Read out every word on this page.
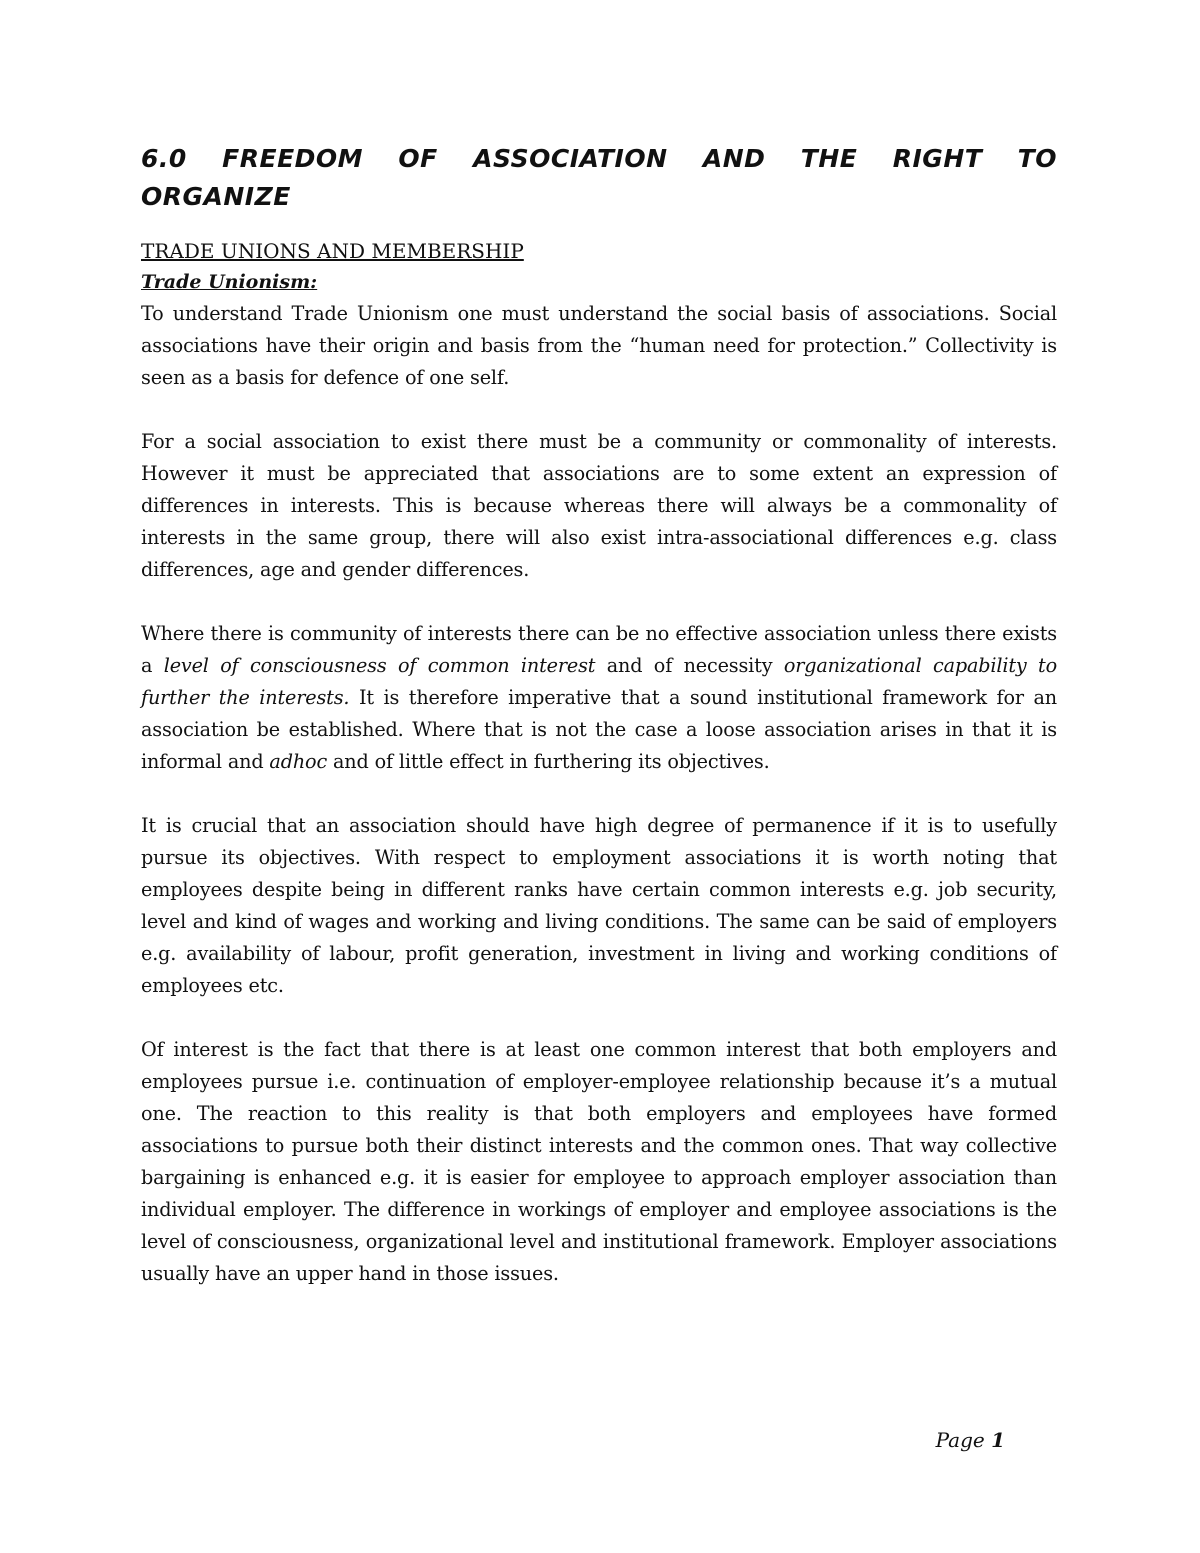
6.0 FREEDOM OF ASSOCIATION AND THE RIGHT TO
ORGANIZE
TRADE UNIONS AND MEMBERSHIP
Trade Unionism:

To understand Trade Unionism one must understand the social basis of associations. Social associations have their origin and basis from the “human need for protection.” Collectivity is seen as a basis for defence of one self.

For a social association to exist there must be a community or commonality of interests. However it must be appreciated that associations are to some extent an expression of differences in interests. This is because whereas there will always be a commonality of interests in the same group, there will also exist intra-associational differences e.g. class differences, age and gender differences.

Where there is community of interests there can be no effective association unless there exists a level of consciousness of common interest and of necessity organizational capability to further the interests. It is therefore imperative that a sound institutional framework for an association be established. Where that is not the case a loose association arises in that it is informal and adhoc and of little effect in furthering its objectives.

It is crucial that an association should have high degree of permanence if it is to usefully pursue its objectives. With respect to employment associations it is worth noting that employees despite being in different ranks have certain common interests e.g. job security, level and kind of wages and working and living conditions. The same can be said of employers e.g. availability of labour, profit generation, investment in living and working conditions of employees etc.

Of interest is the fact that there is at least one common interest that both employers and employees pursue i.e. continuation of employer-employee relationship because it’s a mutual one. The reaction to this reality is that both employers and employees have formed associations to pursue both their distinct interests and the common ones. That way collective bargaining is enhanced e.g. it is easier for employee to approach employer association than individual employer. The difference in workings of employer and employee associations is the level of consciousness, organizational level and institutional framework. Employer associations usually have an upper hand in those issues.

Page 1
